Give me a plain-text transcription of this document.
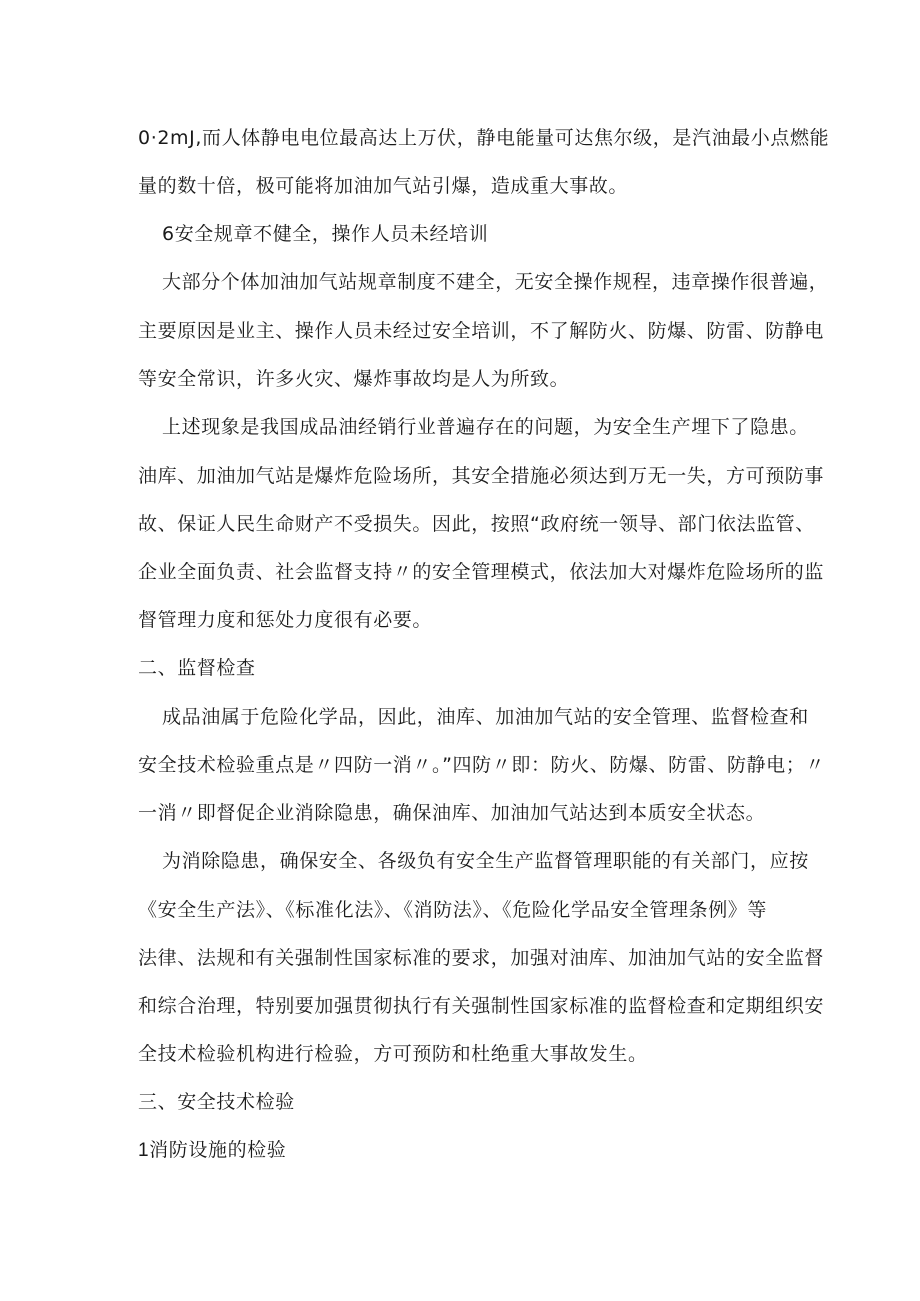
0·2mJ,而人体静电电位最高达上万伏，静电能量可达焦尔级，是汽油最小点燃能
量的数十倍，极可能将加油加气站引爆，造成重大事故。
6安全规章不健全，操作人员未经培训
大部分个体加油加气站规章制度不建全，无安全操作规程，违章操作很普遍，
主要原因是业主、操作人员未经过安全培训，不了解防火、防爆、防雷、防静电
等安全常识，许多火灾、爆炸事故均是人为所致。
上述现象是我国成品油经销行业普遍存在的问题，为安全生产埋下了隐患。
油库、加油加气站是爆炸危险场所，其安全措施必须达到万无一失，方可预防事
故、保证人民生命财产不受损失。因此，按照“政府统一领导、部门依法监管、
企业全面负责、社会监督支持〃的安全管理模式，依法加大对爆炸危险场所的监
督管理力度和惩处力度很有必要。
二、监督检查
成品油属于危险化学品，因此，油库、加油加气站的安全管理、监督检查和
安全技术检验重点是〃四防一消〃。”四防〃即：防火、防爆、防雷、防静电；〃
一消〃即督促企业消除隐患，确保油库、加油加气站达到本质安全状态。
为消除隐患，确保安全、各级负有安全生产监督管理职能的有关部门，应按
《安全生产法》、《标准化法》、《消防法》、《危险化学品安全管理条例》等
法律、法规和有关强制性国家标准的要求，加强对油库、加油加气站的安全监督
和综合治理，特别要加强贯彻执行有关强制性国家标准的监督检查和定期组织安
全技术检验机构进行检验，方可预防和杜绝重大事故发生。
三、安全技术检验
1消防设施的检验
